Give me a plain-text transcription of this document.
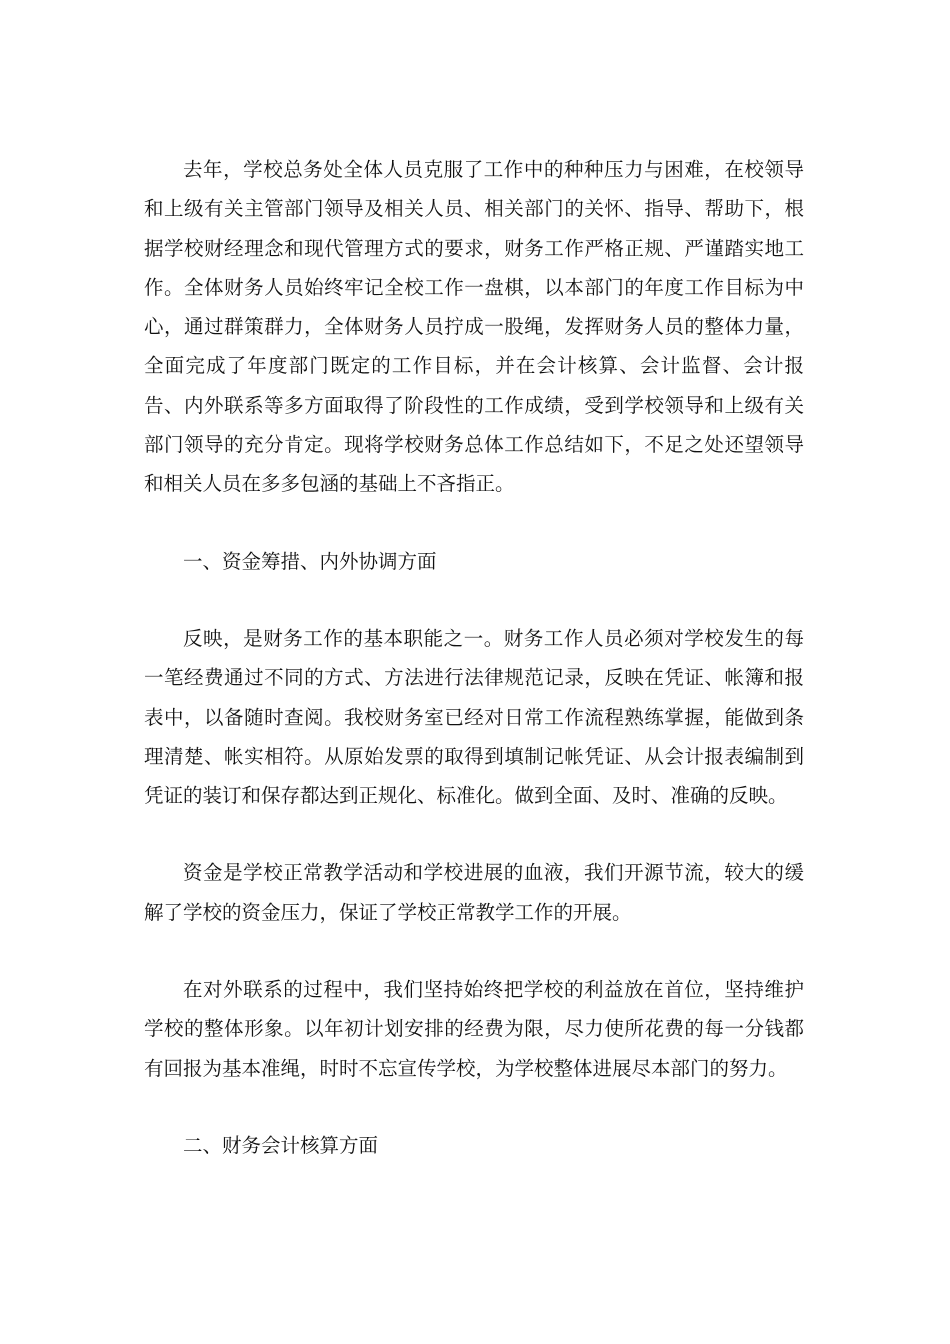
去年，学校总务处全体人员克服了工作中的种种压力与困难，在校领导和上级有关主管部门领导及相关人员、相关部门的关怀、指导、帮助下，根据学校财经理念和现代管理方式的要求，财务工作严格正规、严谨踏实地工作。全体财务人员始终牢记全校工作一盘棋，以本部门的年度工作目标为中心，通过群策群力，全体财务人员拧成一股绳，发挥财务人员的整体力量，全面完成了年度部门既定的工作目标，并在会计核算、会计监督、会计报告、内外联系等多方面取得了阶段性的工作成绩，受到学校领导和上级有关部门领导的充分肯定。现将学校财务总体工作总结如下，不足之处还望领导和相关人员在多多包涵的基础上不吝指正。

一、资金筹措、内外协调方面

反映，是财务工作的基本职能之一。财务工作人员必须对学校发生的每一笔经费通过不同的方式、方法进行法律规范记录，反映在凭证、帐簿和报表中，以备随时查阅。我校财务室已经对日常工作流程熟练掌握，能做到条理清楚、帐实相符。从原始发票的取得到填制记帐凭证、从会计报表编制到凭证的装订和保存都达到正规化、标准化。做到全面、及时、准确的反映。

资金是学校正常教学活动和学校进展的血液，我们开源节流，较大的缓解了学校的资金压力，保证了学校正常教学工作的开展。

在对外联系的过程中，我们坚持始终把学校的利益放在首位，坚持维护学校的整体形象。以年初计划安排的经费为限，尽力使所花费的每一分钱都有回报为基本准绳，时时不忘宣传学校，为学校整体进展尽本部门的努力。

二、财务会计核算方面
